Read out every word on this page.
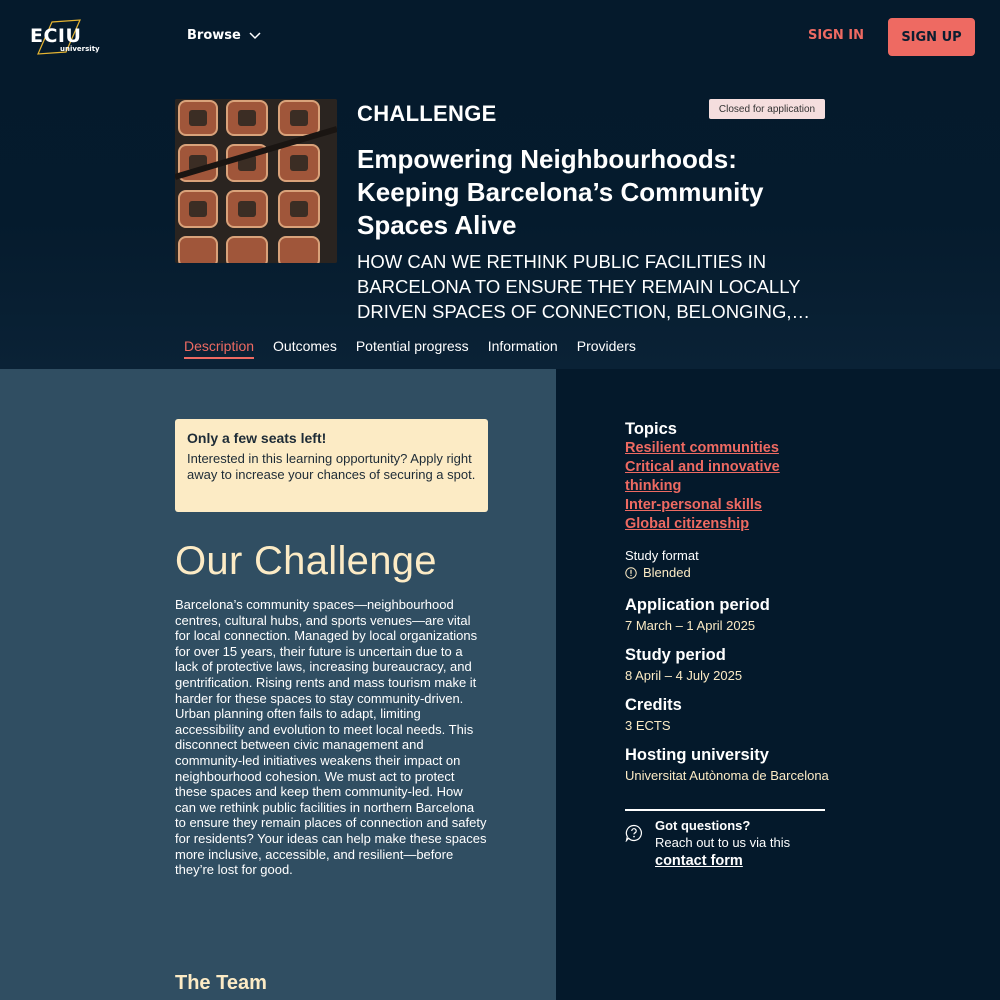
ECIU
university
Browse	SIGN IN	SIGN UP
CHALLENGE	Closed for application
Empowering Neighbourhoods: Keeping Barcelona’s Community Spaces Alive
HOW CAN WE RETHINK PUBLIC FACILITIES IN BARCELONA TO ENSURE THEY REMAIN LOCALLY DRIVEN SPACES OF CONNECTION, BELONGING,
Description Outcomes Potential progress Information Providers
Only a few seats left!
Interested in this learning opportunity? Apply right away to increase your chances of securing a spot.
Our Challenge

Barcelona’s community spaces—neighbourhood centres, cultural hubs, and sports venues—are vital for local connection. Managed by local organizations for over 15 years, their future is uncertain due to a lack of protective laws, increasing bureaucracy, and gentrification. Rising rents and mass tourism make it harder for these spaces to stay community-driven. Urban planning often fails to adapt, limiting accessibility and evolution to meet local needs. This disconnect between civic management and community-led initiatives weakens their impact on neighbourhood cohesion. We must act to protect these spaces and keep them community-led. How can we rethink public facilities in northern Barcelona to ensure they remain places of connection and safety for residents? Your ideas can help make these spaces more inclusive, accessible, and resilient—before they’re lost for good.

The Team
Topics
Resilient communities
Critical and innovative thinking
Inter-personal skills
Global citizenship
Study format
Blended
Application period
7 March – 1 April 2025
Study period
8 April – 4 July 2025
Credits
3 ECTS
Hosting university
Universitat Autònoma de Barcelona
Got questions?
Reach out to us via this
contact form
